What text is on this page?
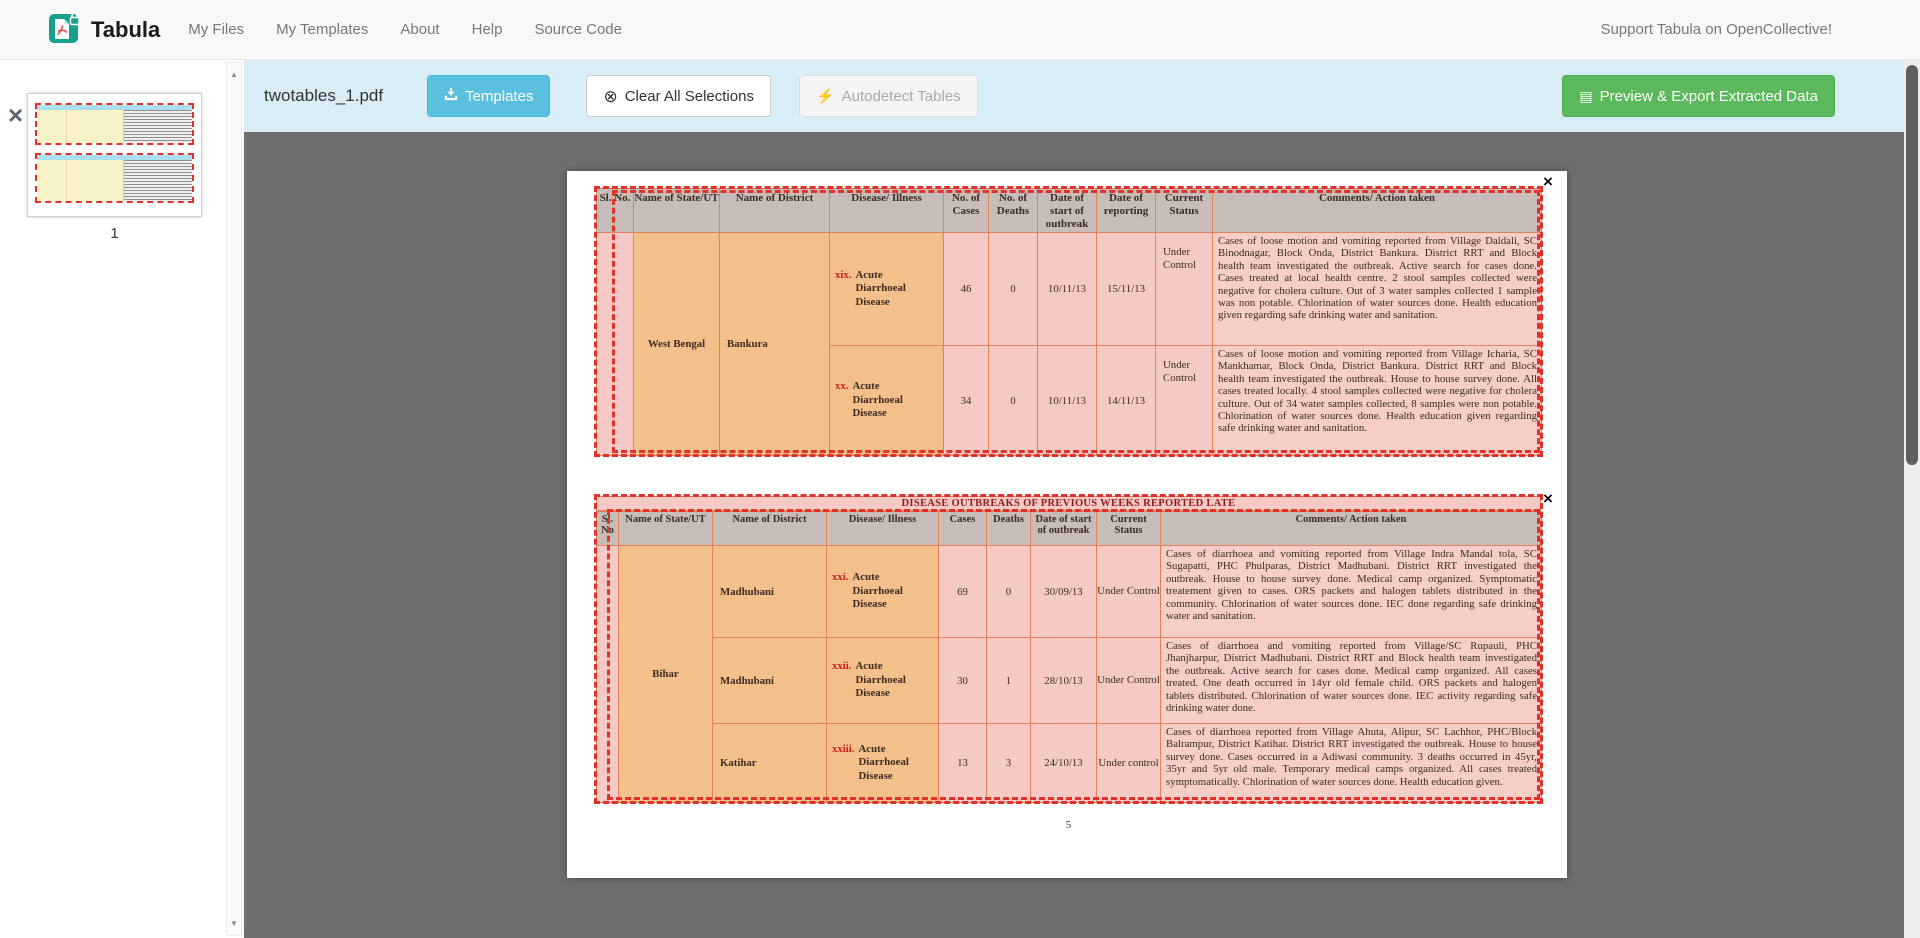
Tabula My Files My Templates About Help Source Code	Support Tabula on OpenCollective!
×
1
▲
▼
twotables_1.pdf	Templates	⊗ Clear All Selections	⚡ Autodetect Tables	▤ Preview & Export Extracted Data
Sl. No.	Name of State/UT	Name of District	Disease/ Illness	No. of Cases	No. of Deaths	Date of start of outbreak	Date of reporting	Current Status	Comments/ Action taken
	West Bengal	Bankura	xix. Acute Diarrhoeal Disease	46	0	10/11/13	15/11/13	Under Control	Cases of loose motion and vomiting reported from Village Daldali, SC Binodnagar, Block Onda, District Bankura. District RRT and Block health team investigated the outbreak. Active search for cases done. Cases treated at local health centre. 2 stool samples collected were negative for cholera culture. Out of 3 water samples collected 1 sample was non potable. Chlorination of water sources done. Health education given regarding safe drinking water and sanitation.

			xx. Acute Diarrhoeal Disease	34	0	10/11/13	14/11/13	Under Control	Cases of loose motion and vomiting reported from Village Icharia, SC Mankhamar, Block Onda, District Bankura. District RRT and Block health team investigated the outbreak. House to house survey done. All cases treated locally. 4 stool samples collected were negative for cholera culture. Out of 34 water samples collected, 8 samples were non potable. Chlorination of water sources done. Health education given regarding safe drinking water and sanitation.
DISEASE OUTBREAKS OF PREVIOUS WEEKS REPORTED LATE
Sl. No	Name of State/UT	Name of District	Disease/ Illness	Cases	Deaths	Date of start of outbreak	Current Status	Comments/ Action taken
	Bihar	Madhubani	xxi. Acute Diarrhoeal Disease	69	0	30/09/13	Under Control	Cases of diarrhoea and vomiting reported from Village Indra Mandal tola, SC Sugapatti, PHC Phulparas, District Madhubani. District RRT investigated the outbreak. House to house survey done. Medical camp organized. Symptomatic treatement given to cases. ORS packets and halogen tablets distributed in the community. Chlorination of water sources done. IEC done regarding safe drinking water and sanitation.
		Madhubani	xxii. Acute Diarrhoeal Disease	30	1	28/10/13	Under Control	Cases of diarrhoea and vomiting reported from Village/SC Rupauli, PHC Jhanjharpur, District Madhubani. District RRT and Block health team investigated the outbreak. Active search for cases done. Medical camp organized. All cases treated. One death occurred in 14yr old female child. ORS packets and halogen tablets distributed. Chlorination of water sources done. IEC activity regarding safe drinking water done.
		Katihar	xxiii. Acute Diarrhoeal Disease	13	3	24/10/13	Under control	Cases of diarrhoea reported from Village Ahuta, Alipur, SC Lachhor, PHC/Block Balrampur, District Katihar. District RRT investigated the outbreak. House to house survey done. Cases occurred in a Adiwasi community. 3 deaths occurred in 45yr, 35yr and 5yr old male. Temporary medical camps organized. All cases treated symptomatically. Chlorination of water sources done. Health education given.
×
×
5
